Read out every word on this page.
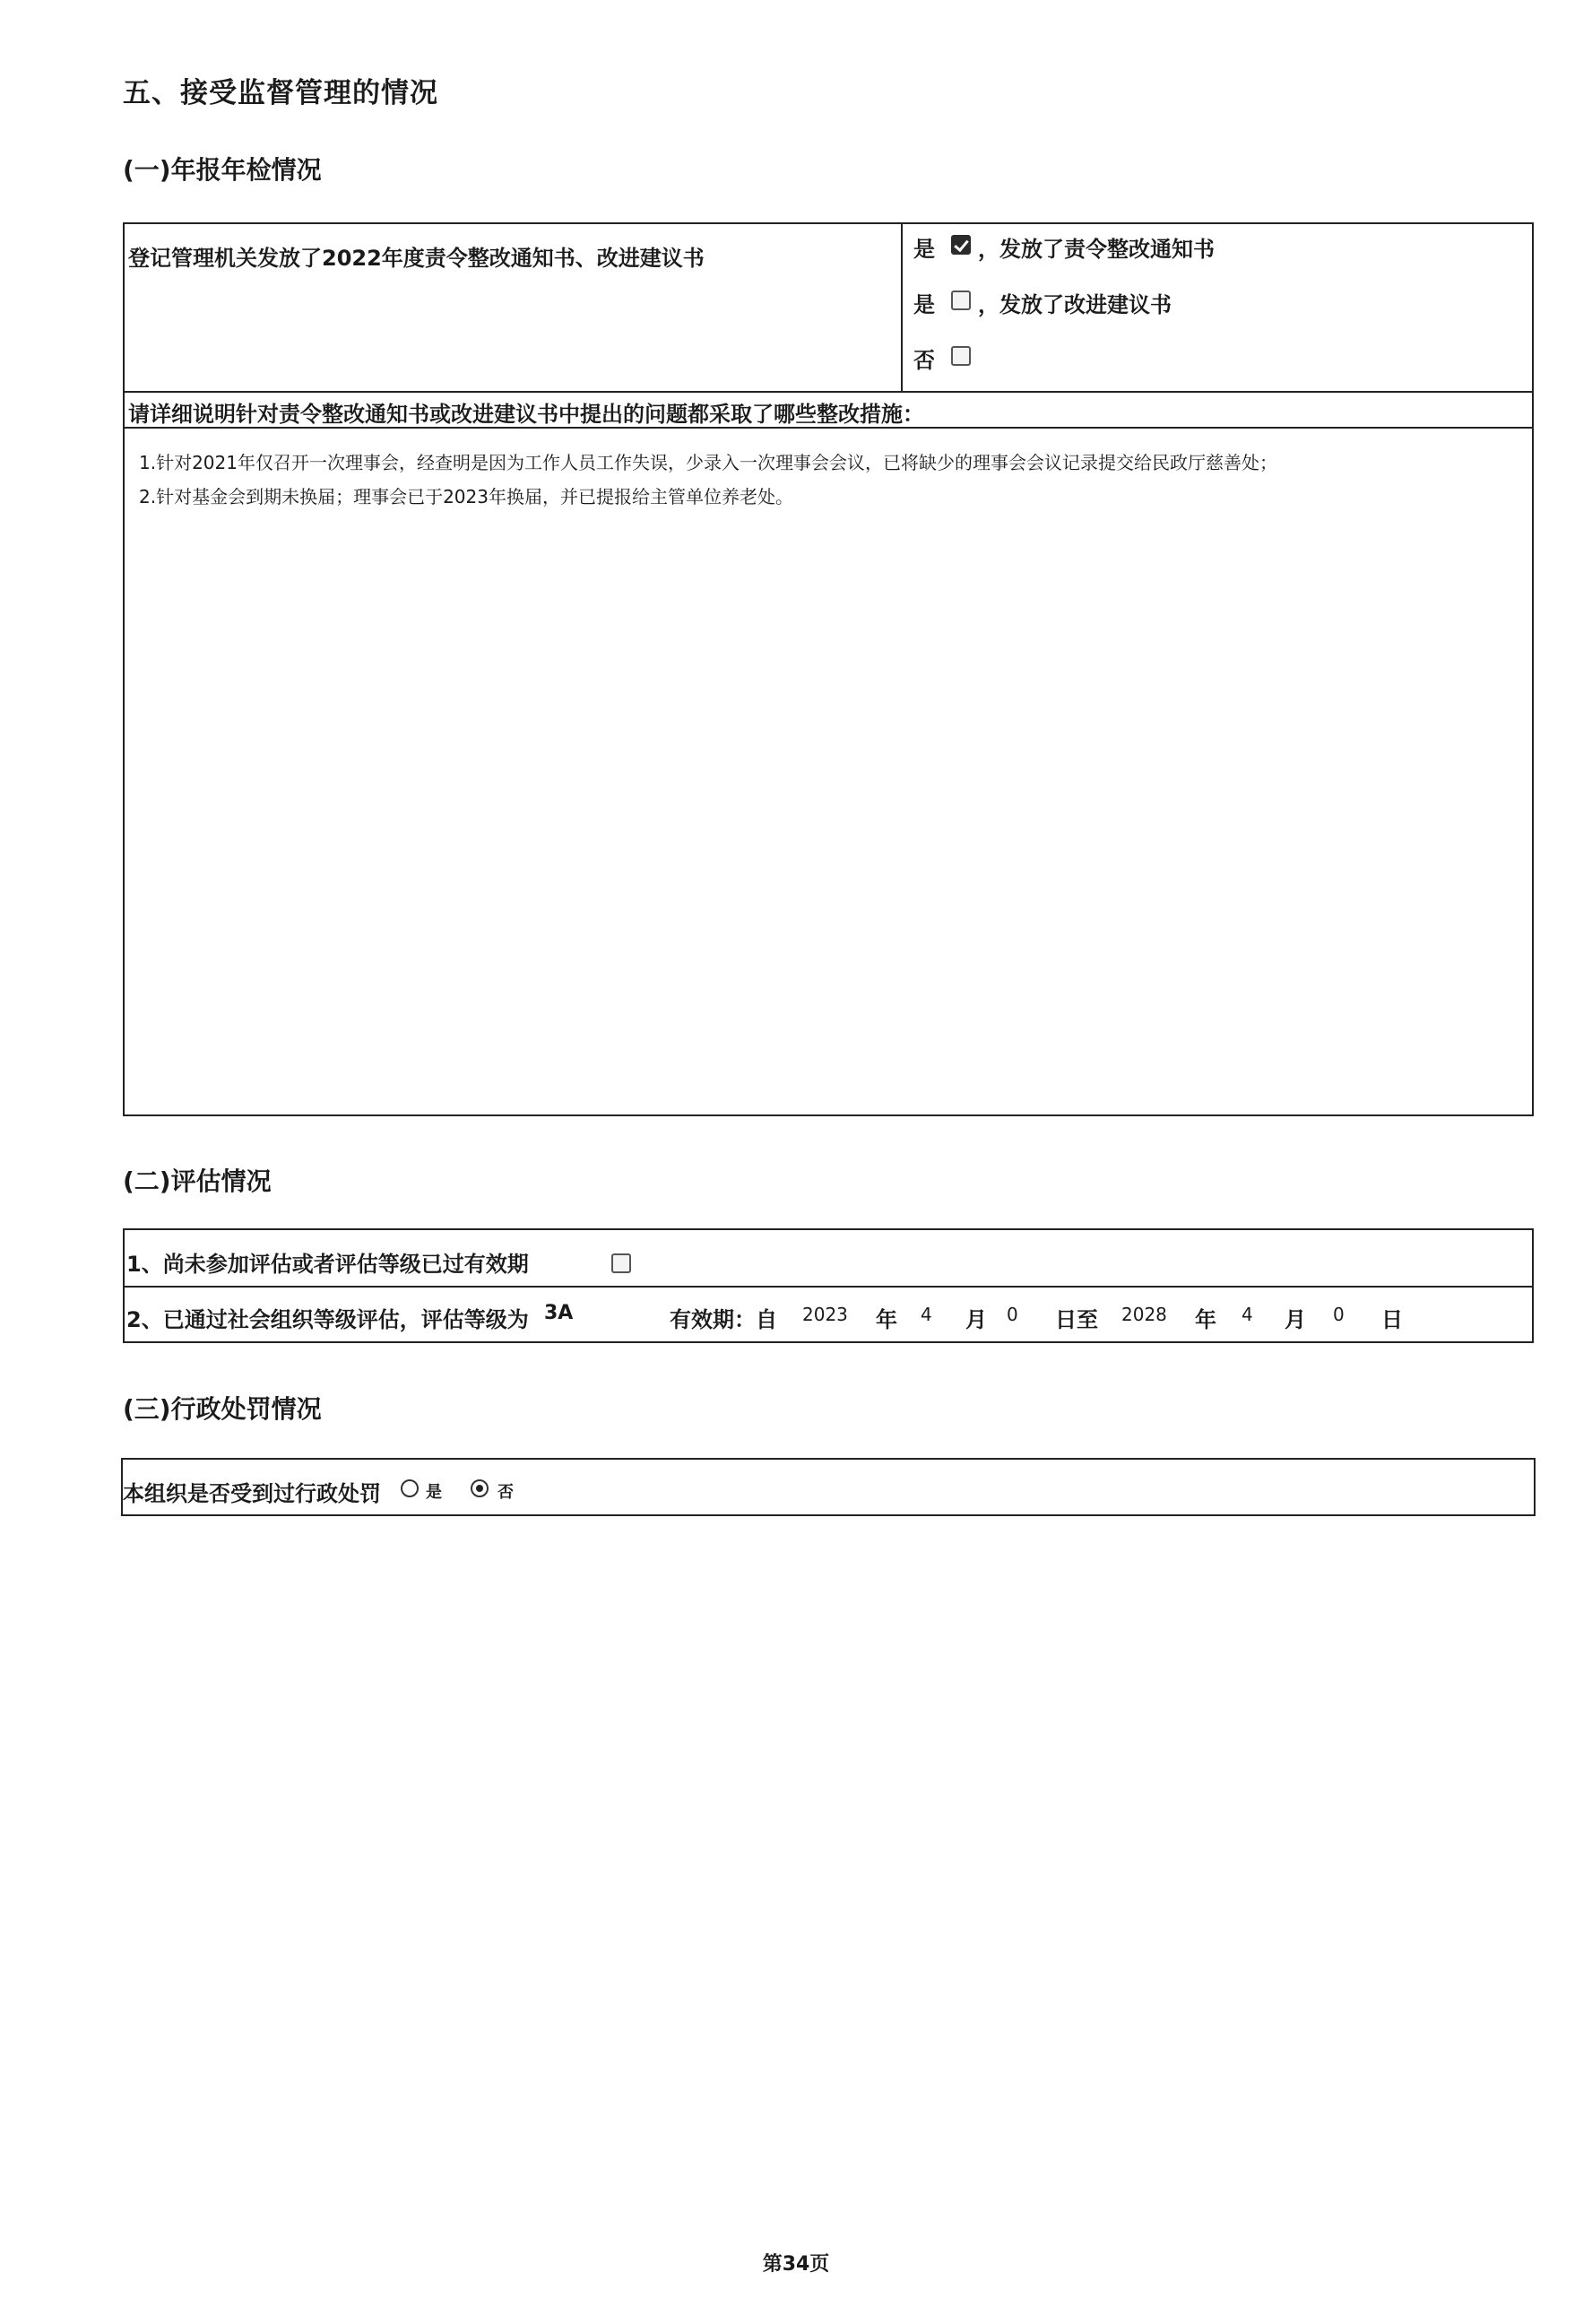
五、接受监督管理的情况
(一)年报年检情况
登记管理机关发放了2022年度责令整改通知书、改进建议书	是 ，发放了责令整改通知书
是 ，发放了改进建议书
否
请详细说明针对责令整改通知书或改进建议书中提出的问题都采取了哪些整改措施：
1.针对2021年仅召开一次理事会，经查明是因为工作人员工作失误，少录入一次理事会会议，已将缺少的理事会会议记录提交给民政厅慈善处；
2.针对基金会到期未换届；理事会已于2023年换届，并已提报给主管单位养老处。
(二)评估情况
1、尚未参加评估或者评估等级已过有效期
2、已通过社会组织等级评估，评估等级为 3A	有效期：自 2023 年 4 月 0 日至 2028 年 4 月 0 日
(三)行政处罚情况
本组织是否受到过行政处罚	是	否
第34页
